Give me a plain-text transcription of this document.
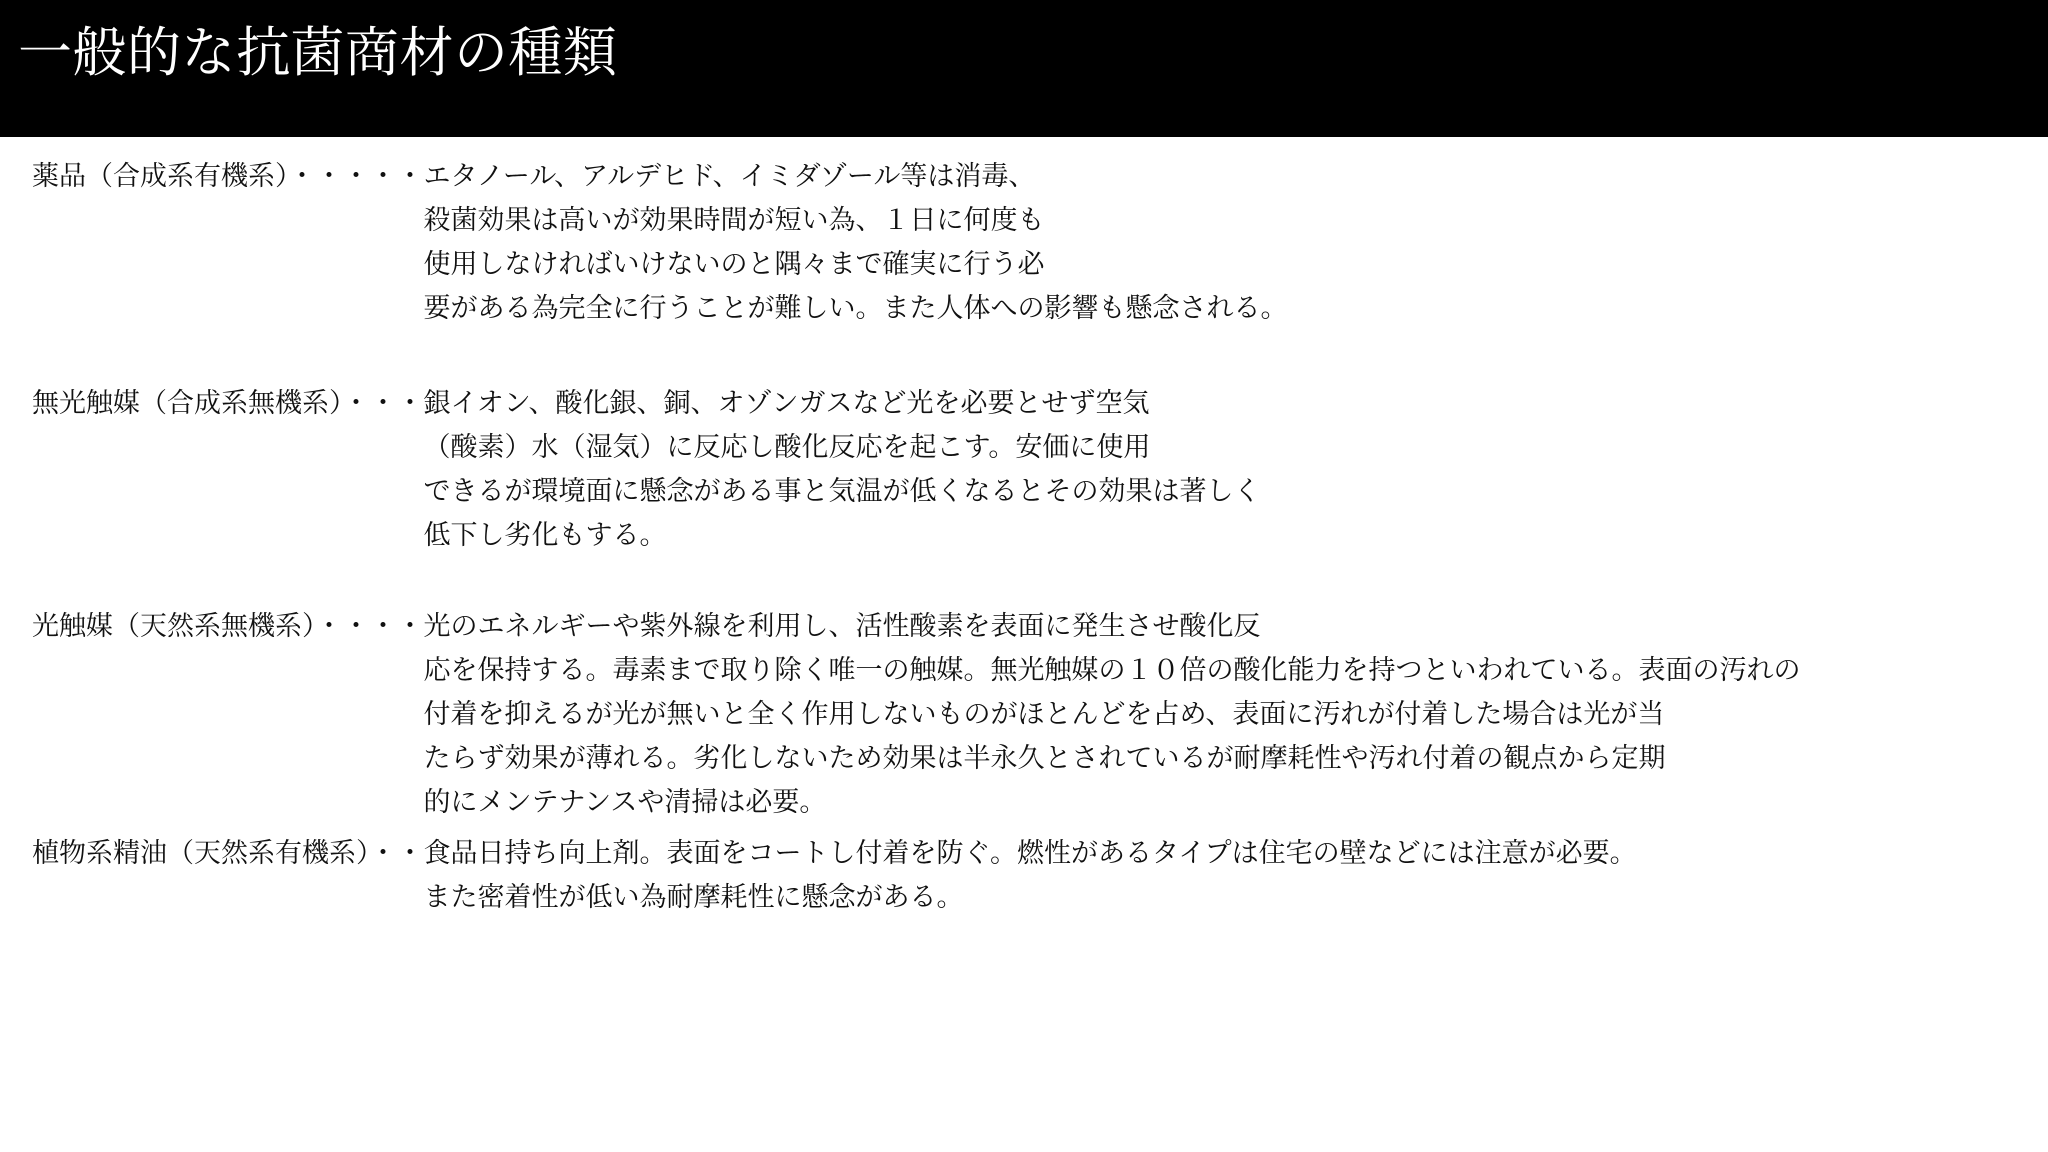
一般的な抗菌商材の種類
薬品（合成系有機系）・・・・・ エタノール、アルデヒド、イミダゾール等は消毒、
殺菌効果は高いが効果時間が短い為、１日に何度も
使用しなければいけないのと隅々まで確実に行う必
要がある為完全に行うことが難しい。また人体への影響も懸念される。
無光触媒（合成系無機系）・・・ 銀イオン、酸化銀、銅、オゾンガスなど光を必要とせず空気
（酸素）水（湿気）に反応し酸化反応を起こす。安価に使用
できるが環境面に懸念がある事と気温が低くなるとその効果は著しく
低下し劣化もする。
光触媒（天然系無機系）・・・・ 光のエネルギーや紫外線を利用し、活性酸素を表面に発生させ酸化反
応を保持する。毒素まで取り除く唯一の触媒。無光触媒の１０倍の酸化能力を持つといわれている。表面の汚れの
付着を抑えるが光が無いと全く作用しないものがほとんどを占め、表面に汚れが付着した場合は光が当
たらず効果が薄れる。劣化しないため効果は半永久とされているが耐摩耗性や汚れ付着の観点から定期
的にメンテナンスや清掃は必要。
植物系精油（天然系有機系）・・ 食品日持ち向上剤。表面をコートし付着を防ぐ。燃性があるタイプは住宅の壁などには注意が必要。
また密着性が低い為耐摩耗性に懸念がある。
